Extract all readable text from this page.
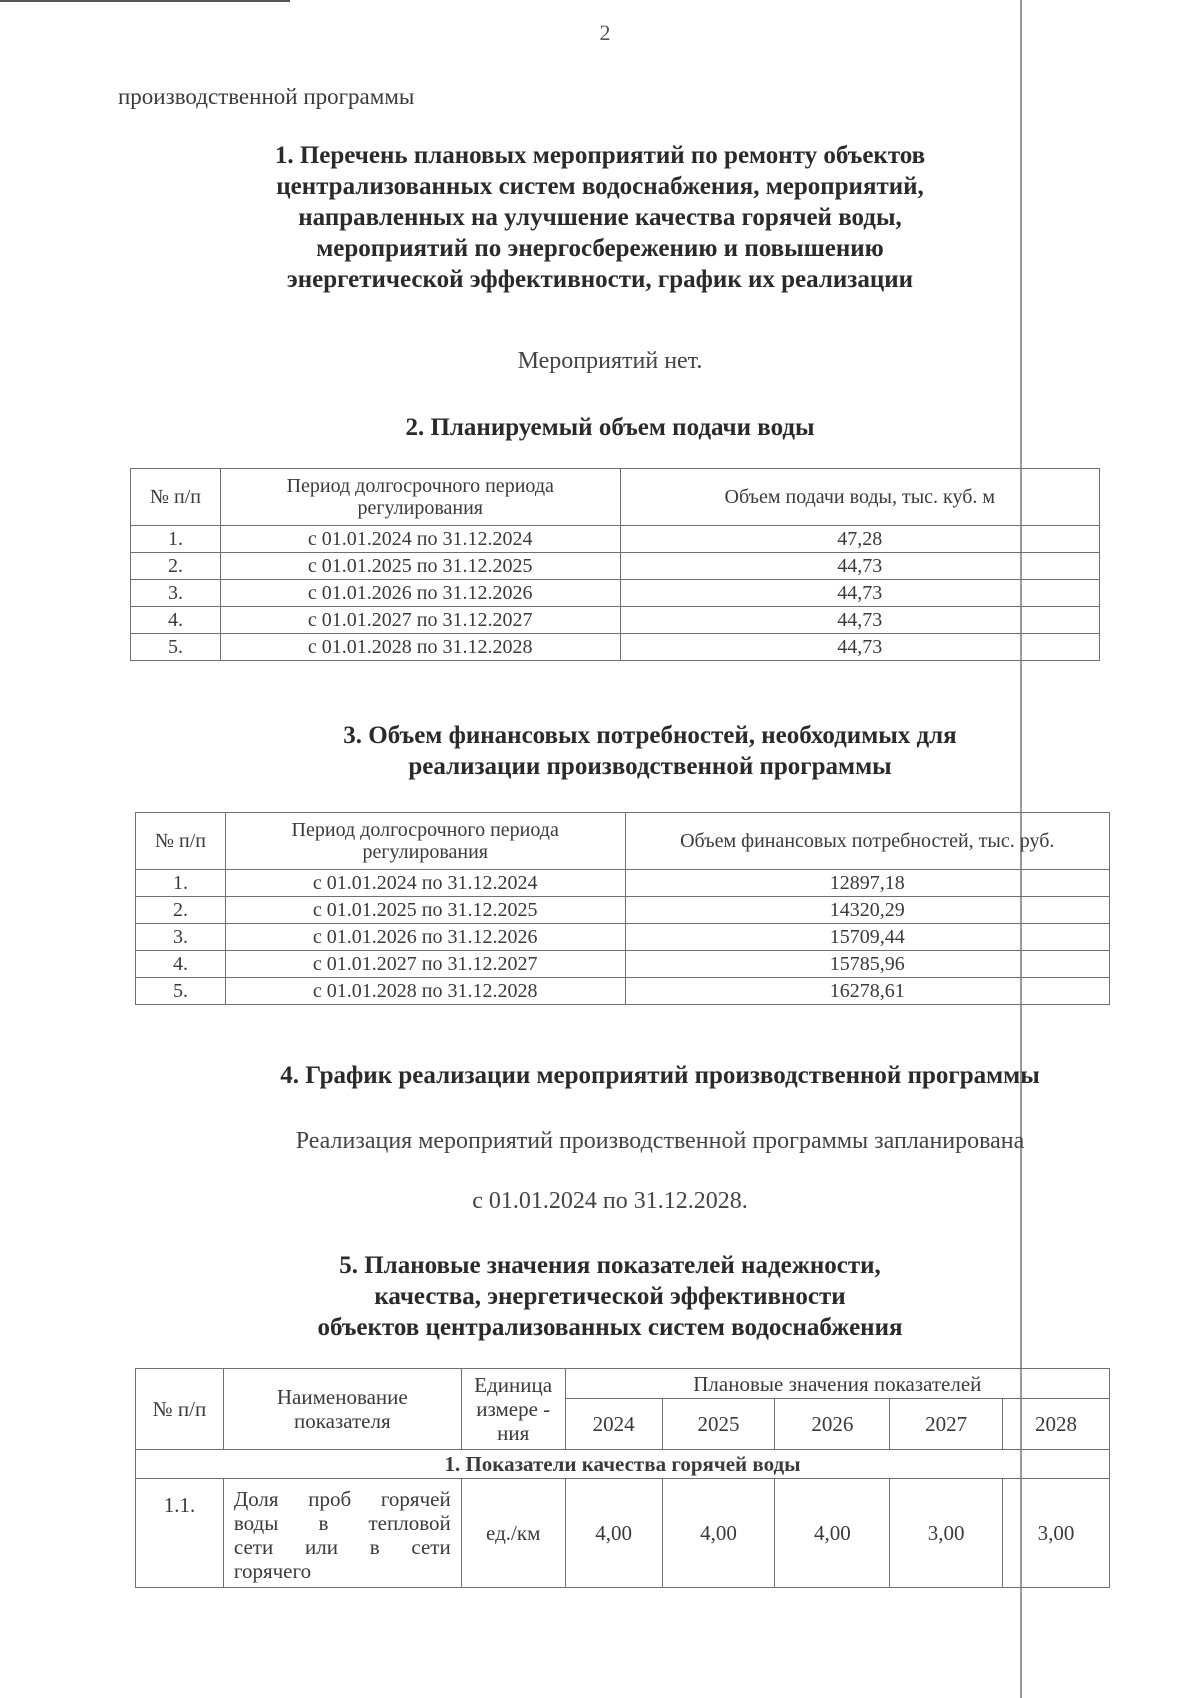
2
производственной программы
1. Перечень плановых мероприятий по ремонту объектов
централизованных систем водоснабжения, мероприятий,
направленных на улучшение качества горячей воды,
мероприятий по энергосбережению и повышению
энергетической эффективности, график их реализации
Мероприятий нет.
2. Планируемый объем подачи воды
№ п/п	Период долгосрочного периода регулирования	Объем подачи воды, тыс. куб. м
1.	с 01.01.2024 по 31.12.2024	47,28
2.	с 01.01.2025 по 31.12.2025	44,73
3.	с 01.01.2026 по 31.12.2026	44,73
4.	с 01.01.2027 по 31.12.2027	44,73
5.	с 01.01.2028 по 31.12.2028	44,73
3. Объем финансовых потребностей, необходимых для
реализации производственной программы
№ п/п	Период долгосрочного периода регулирования	Объем финансовых потребностей, тыс. руб.
1.	с 01.01.2024 по 31.12.2024	12897,18
2.	с 01.01.2025 по 31.12.2025	14320,29
3.	с 01.01.2026 по 31.12.2026	15709,44
4.	с 01.01.2027 по 31.12.2027	15785,96
5.	с 01.01.2028 по 31.12.2028	16278,61
4. График реализации мероприятий производственной программы
Реализация мероприятий производственной программы запланирована
с 01.01.2024 по 31.12.2028.
5. Плановые значения показателей надежности,
качества, энергетической эффективности
объектов централизованных систем водоснабжения
№ п/п	Наименование показателя	Единица измере - ния	Плановые значения показателей				
			2024	2025	2026	2027	2028
1. Показатели качества горячей воды							
1.1.	Доля проб горячей
воды в тепловой
сети или в сети
горячего	ед./км	4,00	4,00	4,00	3,00	3,00
